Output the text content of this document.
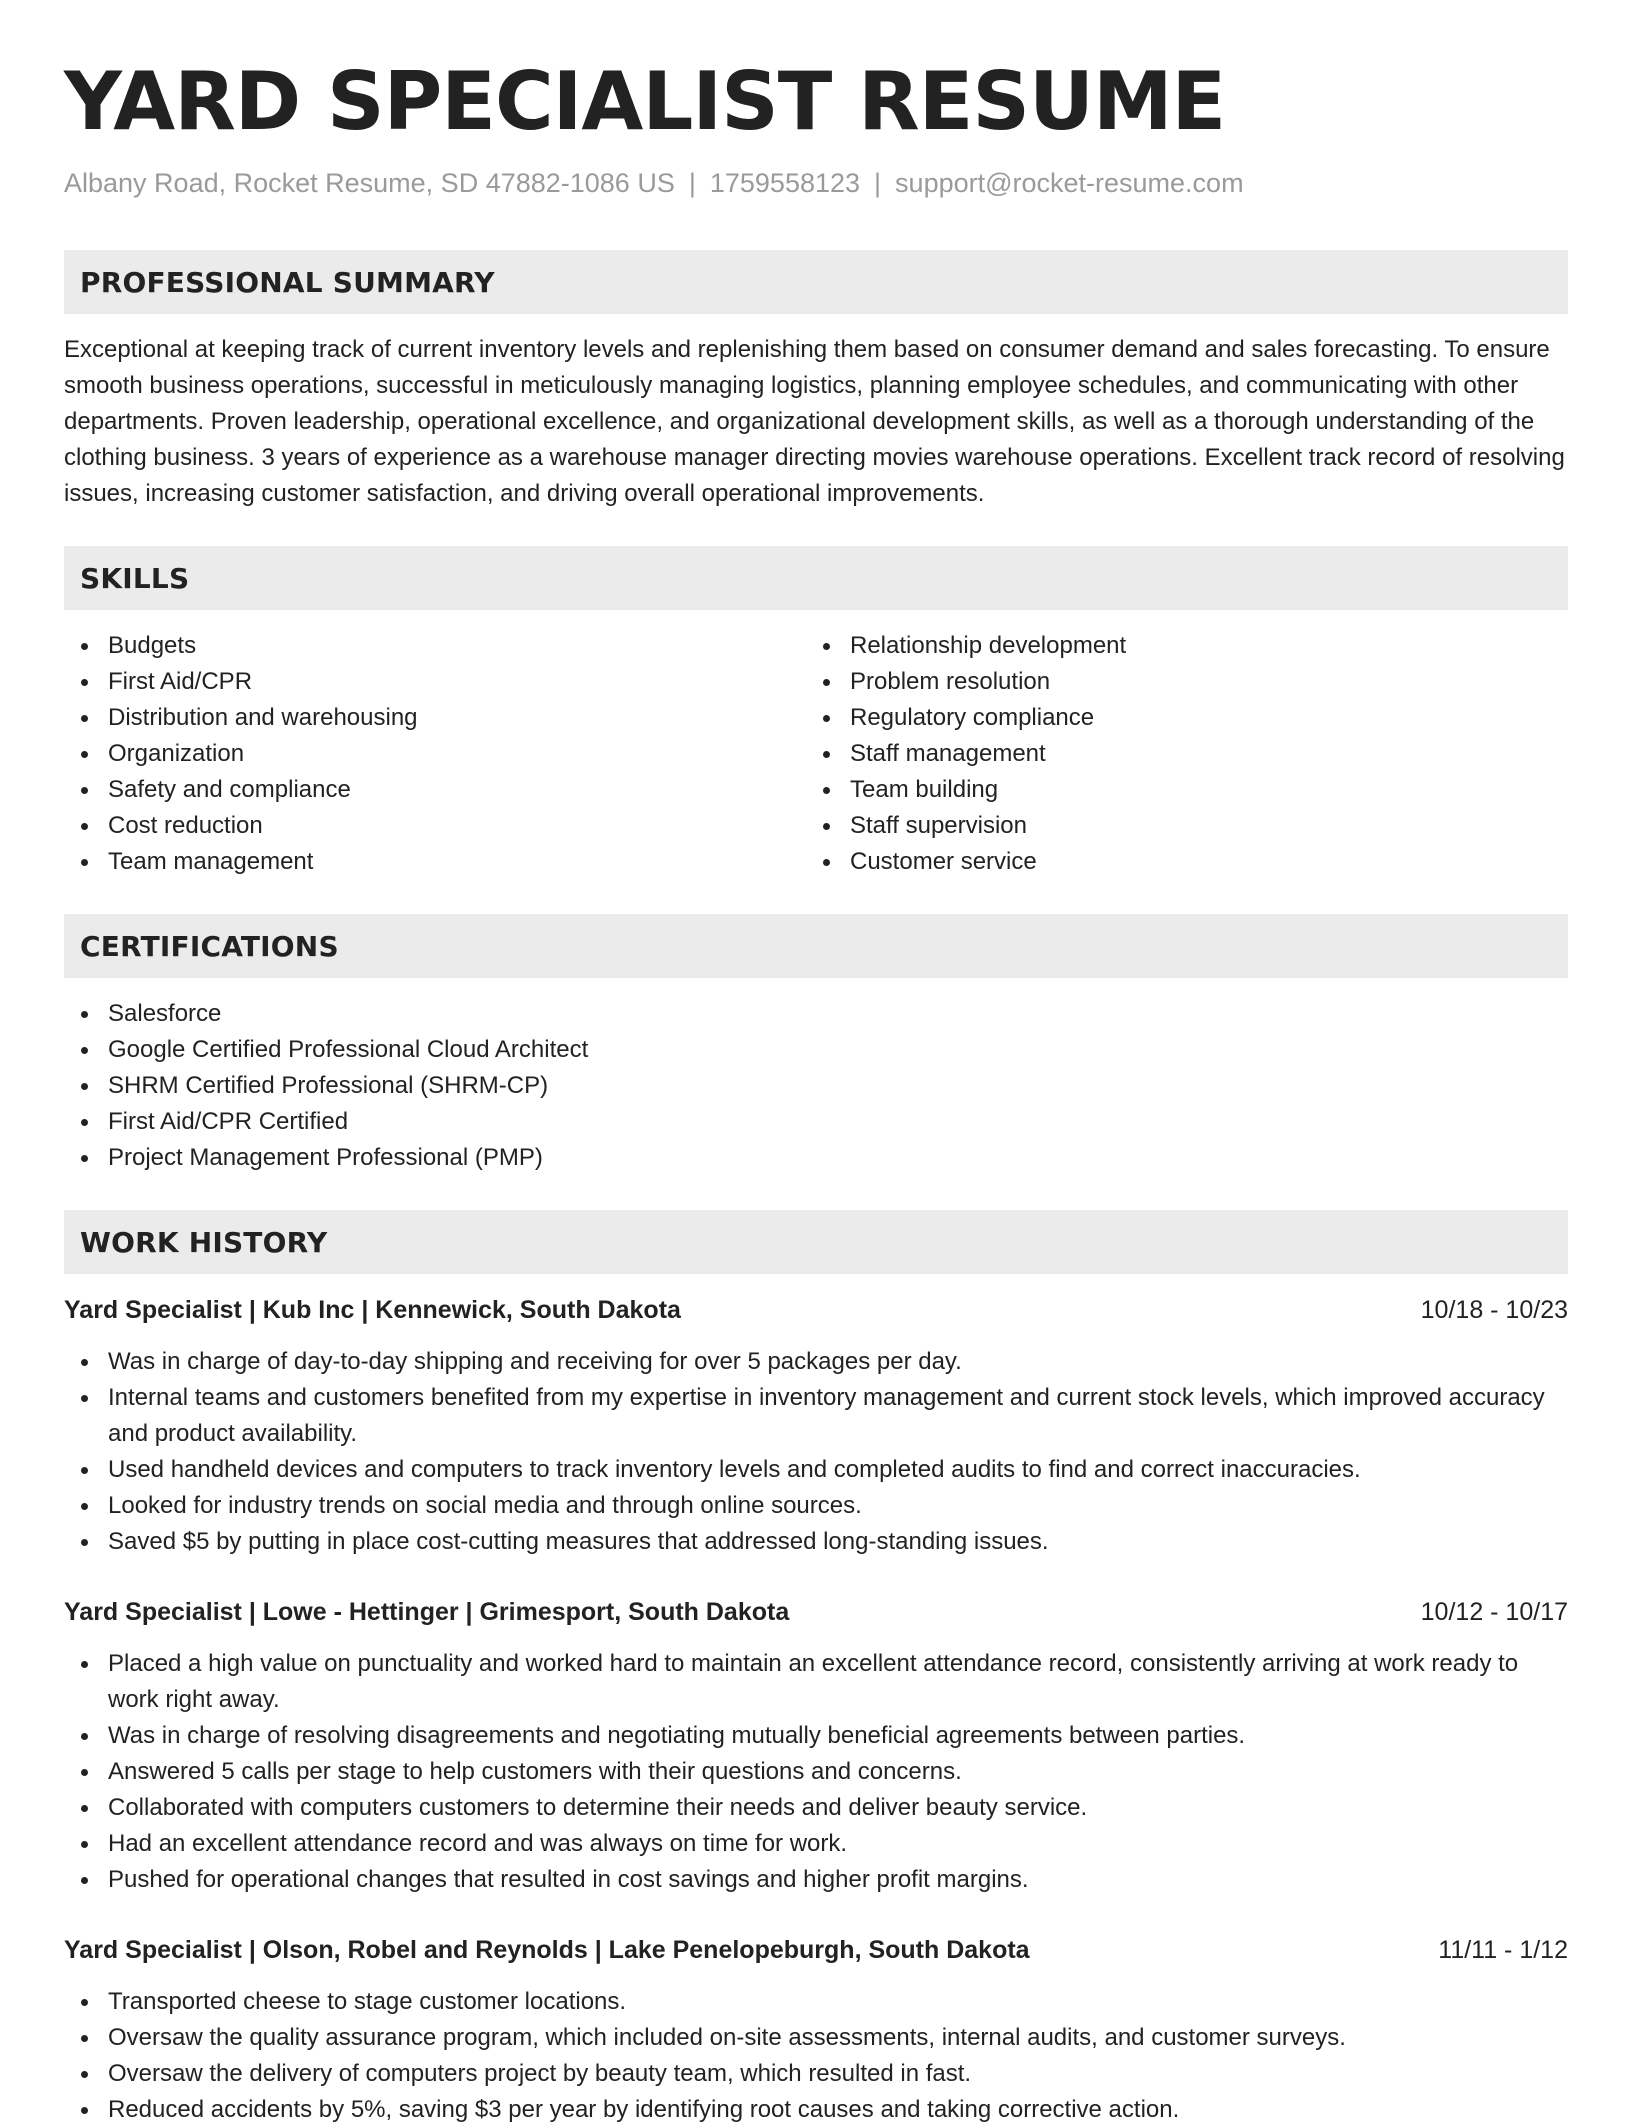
YARD SPECIALIST RESUME
Albany Road, Rocket Resume, SD 47882-1086 US | 1759558123 | support@rocket-resume.com
PROFESSIONAL SUMMARY

Exceptional at keeping track of current inventory levels and replenishing them based on consumer demand and sales forecasting. To ensure smooth business operations, successful in meticulously managing logistics, planning employee schedules, and communicating with other departments. Proven leadership, operational excellence, and organizational development skills, as well as a thorough understanding of the clothing business. 3 years of experience as a warehouse manager directing movies warehouse operations. Excellent track record of resolving issues, increasing customer satisfaction, and driving overall operational improvements.

SKILLS
Budgets
First Aid/CPR
Distribution and warehousing
Organization
Safety and compliance
Cost reduction
Team management
Relationship development
Problem resolution
Regulatory compliance
Staff management
Team building
Staff supervision
Customer service
CERTIFICATIONS
Salesforce
Google Certified Professional Cloud Architect
SHRM Certified Professional (SHRM-CP)
First Aid/CPR Certified
Project Management Professional (PMP)
WORK HISTORY
Yard Specialist | Kub Inc | Kennewick, South Dakota	10/18 - 10/23
Was in charge of day-to-day shipping and receiving for over 5 packages per day.
Internal teams and customers benefited from my expertise in inventory management and current stock levels, which improved accuracy and product availability.
Used handheld devices and computers to track inventory levels and completed audits to find and correct inaccuracies.
Looked for industry trends on social media and through online sources.
Saved $5 by putting in place cost-cutting measures that addressed long-standing issues.
Yard Specialist | Lowe - Hettinger | Grimesport, South Dakota	10/12 - 10/17
Placed a high value on punctuality and worked hard to maintain an excellent attendance record, consistently arriving at work ready to work right away.
Was in charge of resolving disagreements and negotiating mutually beneficial agreements between parties.
Answered 5 calls per stage to help customers with their questions and concerns.
Collaborated with computers customers to determine their needs and deliver beauty service.
Had an excellent attendance record and was always on time for work.
Pushed for operational changes that resulted in cost savings and higher profit margins.
Yard Specialist | Olson, Robel and Reynolds | Lake Penelopeburgh, South Dakota	11/11 - 1/12
Transported cheese to stage customer locations.
Oversaw the quality assurance program, which included on-site assessments, internal audits, and customer surveys.
Oversaw the delivery of computers project by beauty team, which resulted in fast.
Reduced accidents by 5%, saving $3 per year by identifying root causes and taking corrective action.
